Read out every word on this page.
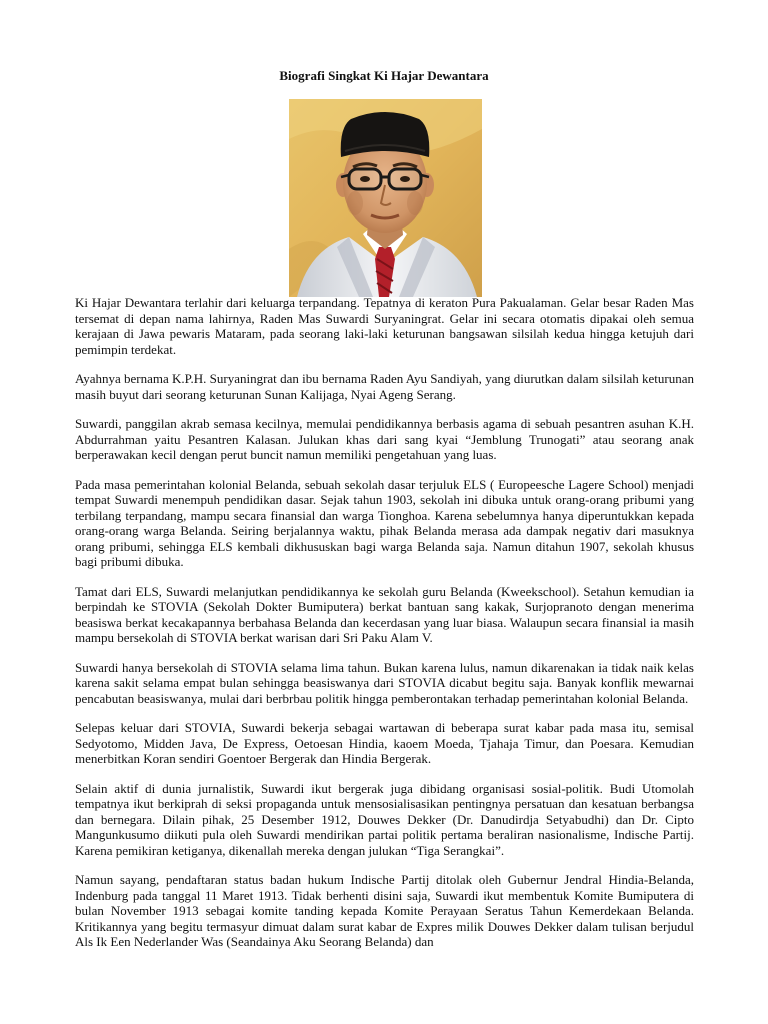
Biografi Singkat Ki Hajar Dewantara

Ki Hajar Dewantara terlahir dari keluarga terpandang. Tepatnya di keraton Pura Pakualaman. Gelar besar Raden Mas tersemat di depan nama lahirnya, Raden Mas Suwardi Suryaningrat. Gelar ini secara otomatis dipakai oleh semua kerajaan di Jawa pewaris Mataram, pada seorang laki-laki keturunan bangsawan silsilah kedua hingga ketujuh dari pemimpin terdekat.

Ayahnya bernama K.P.H. Suryaningrat dan ibu bernama Raden Ayu Sandiyah, yang diurutkan dalam silsilah keturunan masih buyut dari seorang keturunan Sunan Kalijaga, Nyai Ageng Serang.

Suwardi, panggilan akrab semasa kecilnya, memulai pendidikannya berbasis agama di sebuah pesantren asuhan K.H. Abdurrahman yaitu Pesantren Kalasan. Julukan khas dari sang kyai “Jemblung Trunogati” atau seorang anak berperawakan kecil dengan perut buncit namun memiliki pengetahuan yang luas.

Pada masa pemerintahan kolonial Belanda, sebuah sekolah dasar terjuluk ELS ( Europeesche Lagere School) menjadi tempat Suwardi menempuh pendidikan dasar. Sejak tahun 1903, sekolah ini dibuka untuk orang-orang pribumi yang terbilang terpandang, mampu secara finansial dan warga Tionghoa. Karena sebelumnya hanya diperuntukkan kepada orang-orang warga Belanda. Seiring berjalannya waktu, pihak Belanda merasa ada dampak negativ dari masuknya orang pribumi, sehingga ELS kembali dikhususkan bagi warga Belanda saja. Namun ditahun 1907, sekolah khusus bagi pribumi dibuka.

Tamat dari ELS, Suwardi melanjutkan pendidikannya ke sekolah guru Belanda (Kweekschool). Setahun kemudian ia berpindah ke STOVIA (Sekolah Dokter Bumiputera) berkat bantuan sang kakak, Surjopranoto dengan menerima beasiswa berkat kecakapannya berbahasa Belanda dan kecerdasan yang luar biasa. Walaupun secara finansial ia masih mampu bersekolah di STOVIA berkat warisan dari Sri Paku Alam V.

Suwardi hanya bersekolah di STOVIA selama lima tahun. Bukan karena lulus, namun dikarenakan ia tidak naik kelas karena sakit selama empat bulan sehingga beasiswanya dari STOVIA dicabut begitu saja. Banyak konflik mewarnai pencabutan beasiswanya, mulai dari berbrbau politik hingga pemberontakan terhadap pemerintahan kolonial Belanda.

Selepas keluar dari STOVIA, Suwardi bekerja sebagai wartawan di beberapa surat kabar pada masa itu, semisal Sedyotomo, Midden Java, De Express, Oetoesan Hindia, kaoem Moeda, Tjahaja Timur, dan Poesara. Kemudian menerbitkan Koran sendiri Goentoer Bergerak dan Hindia Bergerak.

Selain aktif di dunia jurnalistik, Suwardi ikut bergerak juga dibidang organisasi sosial-politik. Budi Utomolah tempatnya ikut berkiprah di seksi propaganda untuk mensosialisasikan pentingnya persatuan dan kesatuan berbangsa dan bernegara. Dilain pihak, 25 Desember 1912, Douwes Dekker (Dr. Danudirdja Setyabudhi) dan Dr. Cipto Mangunkusumo diikuti pula oleh Suwardi mendirikan partai politik pertama beraliran nasionalisme, Indische Partij. Karena pemikiran ketiganya, dikenallah mereka dengan julukan “Tiga Serangkai”.

Namun sayang, pendaftaran status badan hukum Indische Partij ditolak oleh Gubernur Jendral Hindia-Belanda, Indenburg pada tanggal 11 Maret 1913. Tidak berhenti disini saja, Suwardi ikut membentuk Komite Bumiputera di bulan November 1913 sebagai komite tanding kepada Komite Perayaan Seratus Tahun Kemerdekaan Belanda. Kritikannya yang begitu termasyur dimuat dalam surat kabar de Expres milik Douwes Dekker dalam tulisan berjudul Als Ik Een Nederlander Was (Seandainya Aku Seorang Belanda) dan
